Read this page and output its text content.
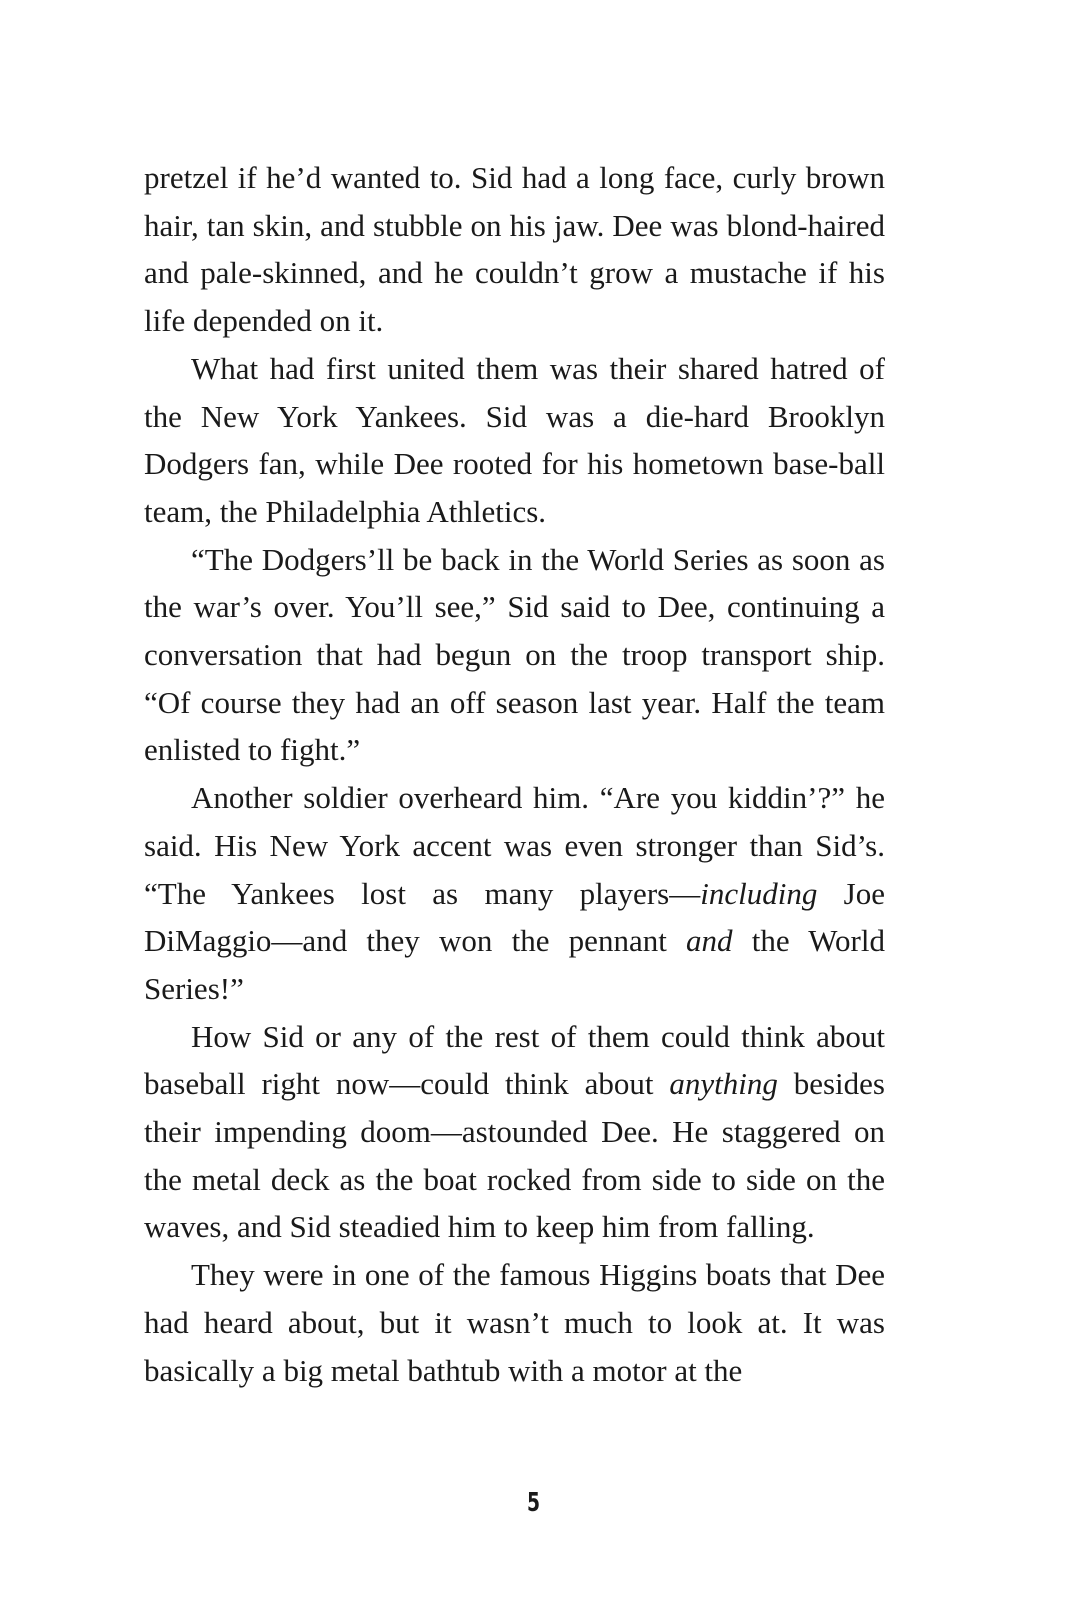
pretzel if he’d wanted to. Sid had a long face, curly brown hair, tan skin, and stubble on his jaw. Dee was blond-haired and pale-skinned, and he couldn’t grow a mustache if his life depended on it.

What had first united them was their shared hatred of the New York Yankees. Sid was a die-hard Brooklyn Dodgers fan, while Dee rooted for his hometown base-ball team, the Philadelphia Athletics.

“The Dodgers’ll be back in the World Series as soon as the war’s over. You’ll see,” Sid said to Dee, continuing a conversation that had begun on the troop transport ship. “Of course they had an off season last year. Half the team enlisted to fight.”

Another soldier overheard him. “Are you kiddin’?” he said. His New York accent was even stronger than Sid’s. “The Yankees lost as many players—including Joe DiMaggio—and they won the pennant and the World Series!”

How Sid or any of the rest of them could think about baseball right now—could think about anything besides their impending doom—astounded Dee. He staggered on the metal deck as the boat rocked from side to side on the waves, and Sid steadied him to keep him from falling.

They were in one of the famous Higgins boats that Dee had heard about, but it wasn’t much to look at. It was basically a big metal bathtub with a motor at the

5
